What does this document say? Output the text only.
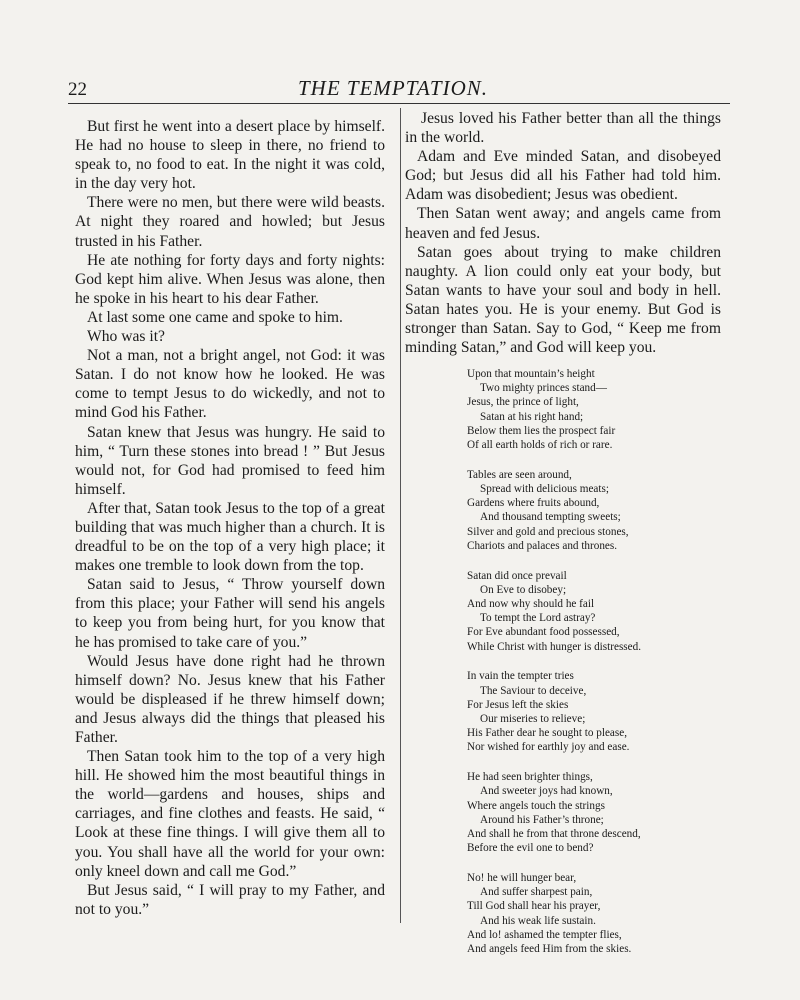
22	THE TEMPTATION.

But first he went into a desert place by himself. He had no house to sleep in there, no friend to speak to, no food to eat. In the night it was cold, in the day very hot.

There were no men, but there were wild beasts. At night they roared and howled; but Jesus trusted in his Father.

He ate nothing for forty days and forty nights: God kept him alive. When Jesus was alone, then he spoke in his heart to his dear Father.

At last some one came and spoke to him.

Who was it?

Not a man, not a bright angel, not God: it was Satan. I do not know how he looked. He was come to tempt Jesus to do wickedly, and not to mind God his Father.

Satan knew that Jesus was hungry. He said to him, “ Turn these stones into bread ! ” But Jesus would not, for God had promised to feed him himself.

After that, Satan took Jesus to the top of a great building that was much higher than a church. It is dreadful to be on the top of a very high place; it makes one tremble to look down from the top.

Satan said to Jesus, “ Throw yourself down from this place; your Father will send his angels to keep you from being hurt, for you know that he has promised to take care of you.”

Would Jesus have done right had he thrown himself down? No. Jesus knew that his Father would be displeased if he threw himself down; and Jesus always did the things that pleased his Father.

Then Satan took him to the top of a very high hill. He showed him the most beautiful things in the world—gardens and houses, ships and carriages, and fine clothes and feasts. He said, “ Look at these fine things. I will give them all to you. You shall have all the world for your own: only kneel down and call me God.”

But Jesus said, “ I will pray to my Father, and not to you.”

Jesus loved his Father better than all the things in the world.

Adam and Eve minded Satan, and disobeyed God; but Jesus did all his Father had told him. Adam was disobedient; Jesus was obedient.

Then Satan went away; and angels came from heaven and fed Jesus.

Satan goes about trying to make children naughty. A lion could only eat your body, but Satan wants to have your soul and body in hell. Satan hates you. He is your enemy. But God is stronger than Satan. Say to God, “ Keep me from minding Satan,” and God will keep you.

Upon that mountain’s height
Two mighty princes stand—
Jesus, the prince of light,
Satan at his right hand;
Below them lies the prospect fair
Of all earth holds of rich or rare.
Tables are seen around,
Spread with delicious meats;
Gardens where fruits abound,
And thousand tempting sweets;
Silver and gold and precious stones,
Chariots and palaces and thrones.
Satan did once prevail
On Eve to disobey;
And now why should he fail
To tempt the Lord astray?
For Eve abundant food possessed,
While Christ with hunger is distressed.
In vain the tempter tries
The Saviour to deceive,
For Jesus left the skies
Our miseries to relieve;
His Father dear he sought to please,
Nor wished for earthly joy and ease.
He had seen brighter things,
And sweeter joys had known,
Where angels touch the strings
Around his Father’s throne;
And shall he from that throne descend,
Before the evil one to bend?
No! he will hunger bear,
And suffer sharpest pain,
Till God shall hear his prayer,
And his weak life sustain.
And lo! ashamed the tempter flies,
And angels feed Him from the skies.
